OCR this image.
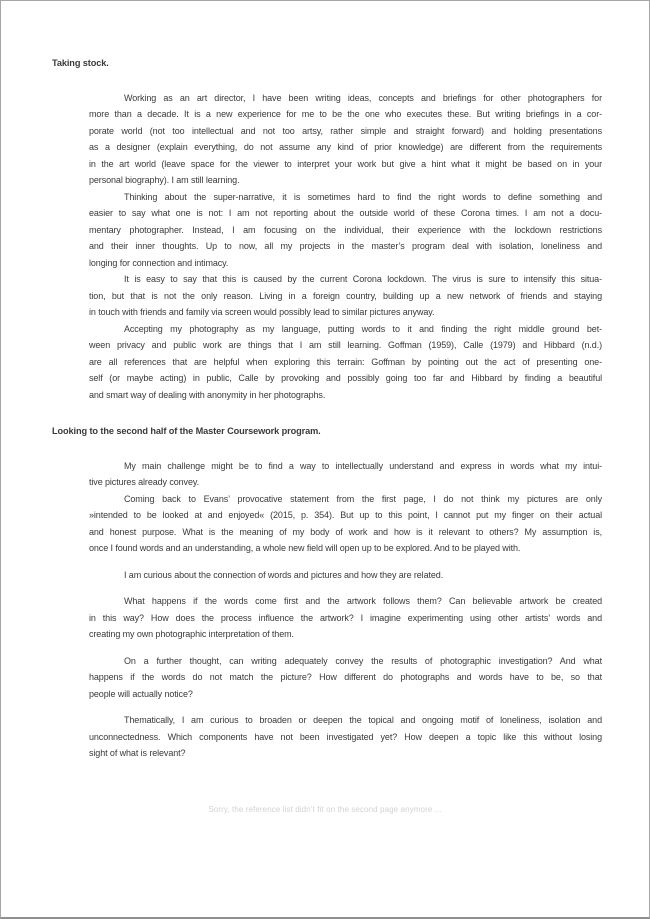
Taking stock.
Working as an art director, I have been writing ideas, concepts and briefings for other photographers for
more than a decade. It is a new experience for me to be the one who executes these. But writing briefings in a cor-
porate world (not too intellectual and not too artsy, rather simple and straight forward) and holding presentations
as a designer (explain everything, do not assume any kind of prior knowledge) are different from the requirements
in the art world (leave space for the viewer to interpret your work but give a hint what it might be based on in your
personal biography). I am still learning.
Thinking about the super-narrative, it is sometimes hard to find the right words to define something and
easier to say what one is not: I am not reporting about the outside world of these Corona times. I am not a docu-
mentary photographer. Instead, I am focusing on the individual, their experience with the lockdown restrictions
and their inner thoughts. Up to now, all my projects in the master’s program deal with isolation, loneliness and
longing for connection and intimacy.
It is easy to say that this is caused by the current Corona lockdown. The virus is sure to intensify this situa-
tion, but that is not the only reason. Living in a foreign country, building up a new network of friends and staying
in touch with friends and family via screen would possibly lead to similar pictures anyway.
Accepting my photography as my language, putting words to it and finding the right middle ground bet-
ween privacy and public work are things that I am still learning. Goffman (1959), Calle (1979) and Hibbard (n.d.)
are all references that are helpful when exploring this terrain: Goffman by pointing out the act of presenting one-
self (or maybe acting) in public, Calle by provoking and possibly going too far and Hibbard by finding a beautiful
and smart way of dealing with anonymity in her photographs.
Looking to the second half of the Master Coursework program.
My main challenge might be to find a way to intellectually understand and express in words what my intui-
tive pictures already convey.
Coming back to Evans’ provocative statement from the first page, I do not think my pictures are only
»intended to be looked at and enjoyed« (2015, p. 354). But up to this point, I cannot put my finger on their actual
and honest purpose. What is the meaning of my body of work and how is it relevant to others? My assumption is,
once I found words and an understanding, a whole new field will open up to be explored. And to be played with.
I am curious about the connection of words and pictures and how they are related.
What happens if the words come first and the artwork follows them? Can believable artwork be created
in this way? How does the process influence the artwork? I imagine experimenting using other artists’ words and
creating my own photographic interpretation of them.
On a further thought, can writing adequately convey the results of photographic investigation? And what
happens if the words do not match the picture? How different do photographs and words have to be, so that
people will actually notice?
Thematically, I am curious to broaden or deepen the topical and ongoing motif of loneliness, isolation and
unconnectedness. Which components have not been investigated yet? How deepen a topic like this without losing
sight of what is relevant?
Sorry, the reference list didn’t fit on the second page anymore ...
